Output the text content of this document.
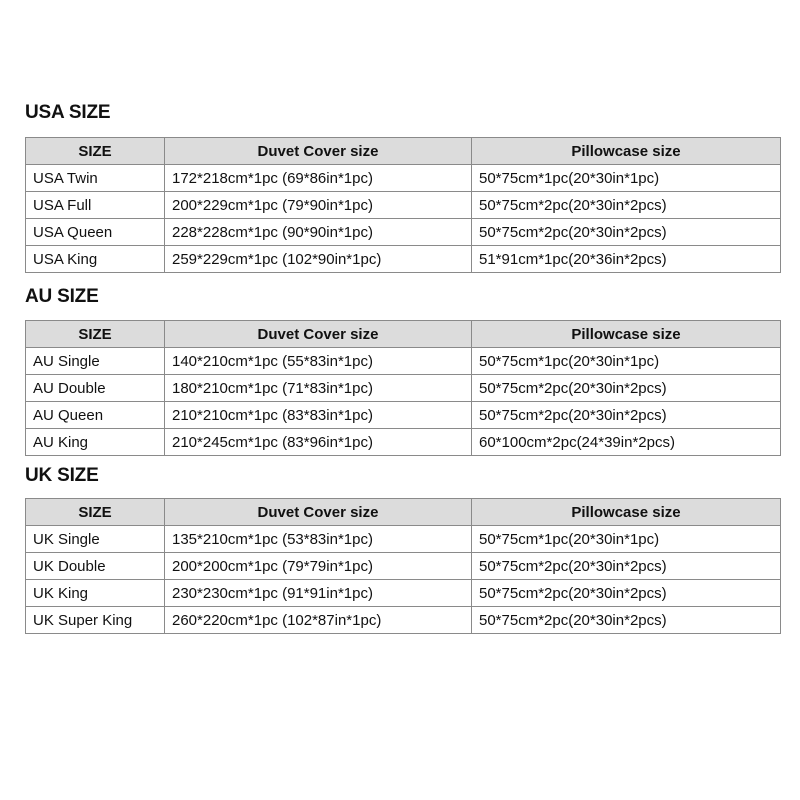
USA SIZE
SIZE	Duvet Cover size	Pillowcase size
USA Twin	172*218cm*1pc (69*86in*1pc)	50*75cm*1pc(20*30in*1pc)
USA Full	200*229cm*1pc (79*90in*1pc)	50*75cm*2pc(20*30in*2pcs)
USA Queen	228*228cm*1pc (90*90in*1pc)	50*75cm*2pc(20*30in*2pcs)
USA King	259*229cm*1pc (102*90in*1pc)	51*91cm*1pc(20*36in*2pcs)
AU SIZE
SIZE	Duvet Cover size	Pillowcase size
AU Single	140*210cm*1pc (55*83in*1pc)	50*75cm*1pc(20*30in*1pc)
AU Double	180*210cm*1pc (71*83in*1pc)	50*75cm*2pc(20*30in*2pcs)
AU Queen	210*210cm*1pc (83*83in*1pc)	50*75cm*2pc(20*30in*2pcs)
AU King	210*245cm*1pc (83*96in*1pc)	60*100cm*2pc(24*39in*2pcs)
UK SIZE
SIZE	Duvet Cover size	Pillowcase size
UK Single	135*210cm*1pc (53*83in*1pc)	50*75cm*1pc(20*30in*1pc)
UK Double	200*200cm*1pc (79*79in*1pc)	50*75cm*2pc(20*30in*2pcs)
UK King	230*230cm*1pc (91*91in*1pc)	50*75cm*2pc(20*30in*2pcs)
UK Super King	260*220cm*1pc (102*87in*1pc)	50*75cm*2pc(20*30in*2pcs)
